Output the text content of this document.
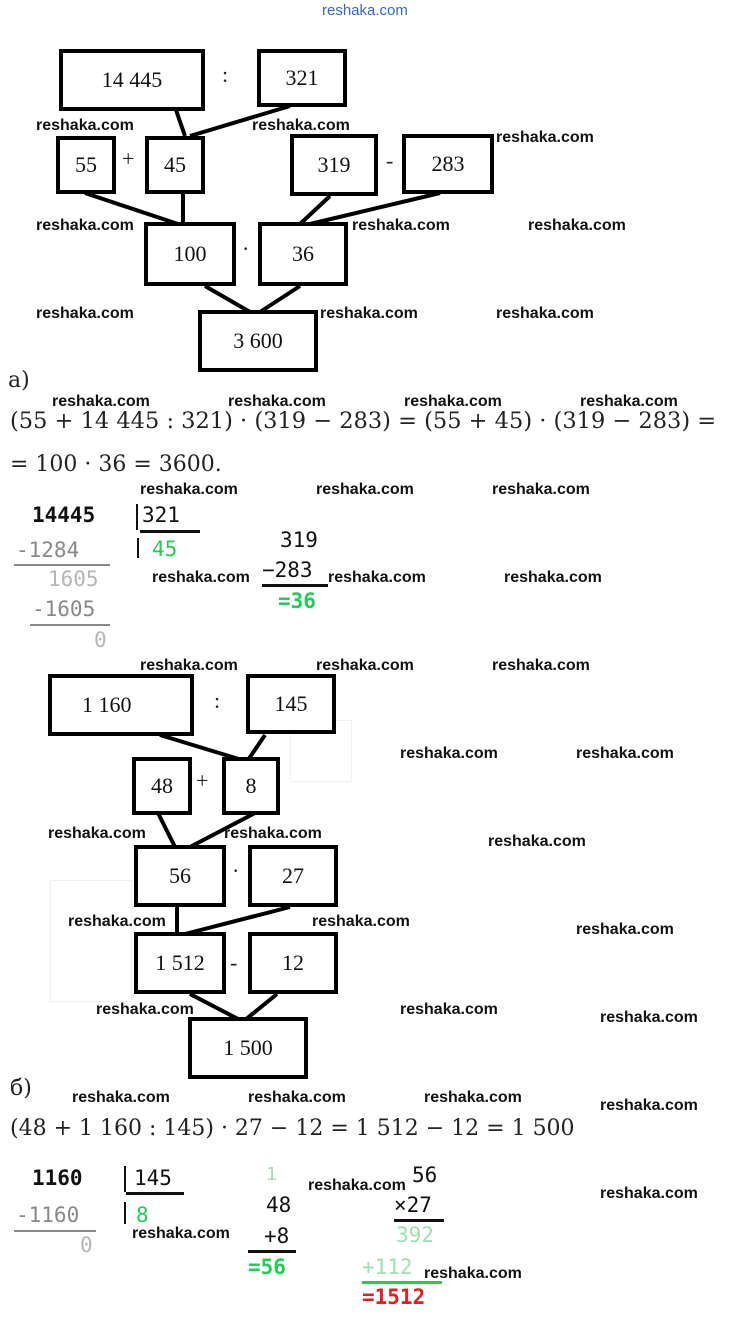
reshaka.com
14 445	:	321
55	+	45	319	-	283
100	·	36
3 600
а)
(55 + 14 445 : 321) · (319 − 283) = (55 + 45) · (319 − 283) =
= 100 · 36 = 3600.
14445 321
45
-1284
1605
-1605
0
319
−283
=36
1 160	:	145
48	+	8
56	·	27
1 512	-	12
1 500
б)
(48 + 1 160 : 145) · 27 − 12 = 1 512 − 12 = 1 500
1160 145
8
-1160
0
1
48
+8
=56
56
×27
392
+112
=1512
reshaka.com	reshaka.com
reshaka.com
reshaka.com	reshaka.com	reshaka.com
reshaka.com	reshaka.com	reshaka.com
reshaka.com	reshaka.com	reshaka.com	reshaka.com
reshaka.com	reshaka.com	reshaka.com
reshaka.com	reshaka.com	reshaka.com
reshaka.com	reshaka.com	reshaka.com
reshaka.com	reshaka.com
reshaka.com	reshaka.com	reshaka.com
reshaka.com	reshaka.com	reshaka.com
reshaka.com	reshaka.com	reshaka.com
reshaka.com	reshaka.com	reshaka.com	reshaka.com
reshaka.com	reshaka.com
reshaka.com
reshaka.com
